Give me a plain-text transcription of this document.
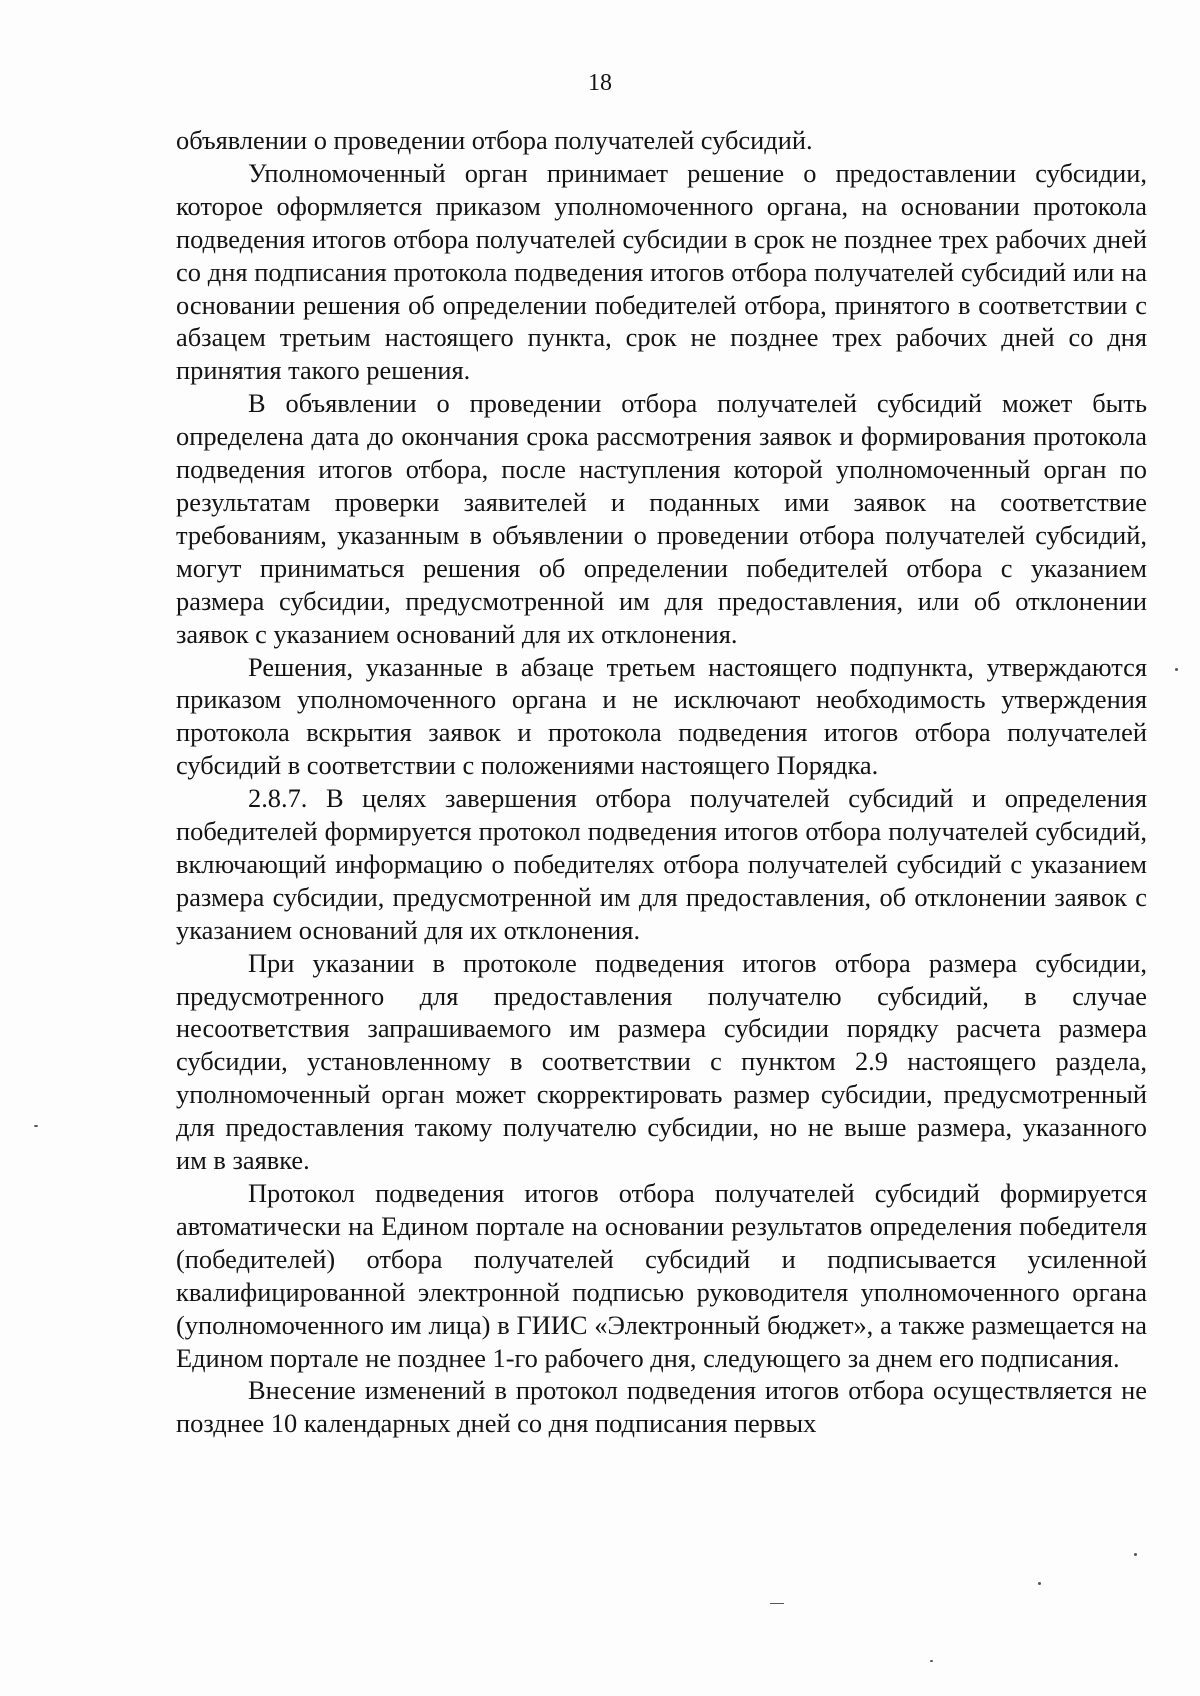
18

объявлении о проведении отбора получателей субсидий.

Уполномоченный орган принимает решение о предоставлении субсидии, которое оформляется приказом уполномоченного органа, на основании протокола подведения итогов отбора получателей субсидии в срок не позднее трех рабочих дней со дня подписания протокола подведения итогов отбора получателей субсидий или на основании решения об определении победителей отбора, принятого в соответствии с абзацем третьим настоящего пункта, срок не позднее трех рабочих дней со дня принятия такого решения.

В объявлении о проведении отбора получателей субсидий может быть определена дата до окончания срока рассмотрения заявок и формирования протокола подведения итогов отбора, после наступления которой уполномоченный орган по результатам проверки заявителей и поданных ими заявок на соответствие требованиям, указанным в объявлении о проведении отбора получателей субсидий, могут приниматься решения об определении победителей отбора с указанием размера субсидии, предусмотренной им для предоставления, или об отклонении заявок с указанием оснований для их отклонения.

Решения, указанные в абзаце третьем настоящего подпункта, утверждаются приказом уполномоченного органа и не исключают необходимость утверждения протокола вскрытия заявок и протокола подведения итогов отбора получателей субсидий в соответствии с положениями настоящего Порядка.

2.8.7. В целях завершения отбора получателей субсидий и определения победителей формируется протокол подведения итогов отбора получателей субсидий, включающий информацию о победителях отбора получателей субсидий с указанием размера субсидии, предусмотренной им для предоставления, об отклонении заявок с указанием оснований для их отклонения.

При указании в протоколе подведения итогов отбора размера субсидии, предусмотренного для предоставления получателю субсидий, в случае несоответствия запрашиваемого им размера субсидии порядку расчета размера субсидии, установленному в соответствии с пунктом 2.9 настоящего раздела, уполномоченный орган может скорректировать размер субсидии, предусмотренный для предоставления такому получателю субсидии, но не выше размера, указанного им в заявке.

Протокол подведения итогов отбора получателей субсидий формируется автоматически на Едином портале на основании результатов определения победителя (победителей) отбора получателей субсидий и подписывается усиленной квалифицированной электронной подписью руководителя уполномоченного органа (уполномоченного им лица) в ГИИС «Электронный бюджет», а также размещается на Едином портале не позднее 1-го рабочего дня, следующего за днем его подписания.

Внесение изменений в протокол подведения итогов отбора осуществляется не позднее 10 календарных дней со дня подписания первых
